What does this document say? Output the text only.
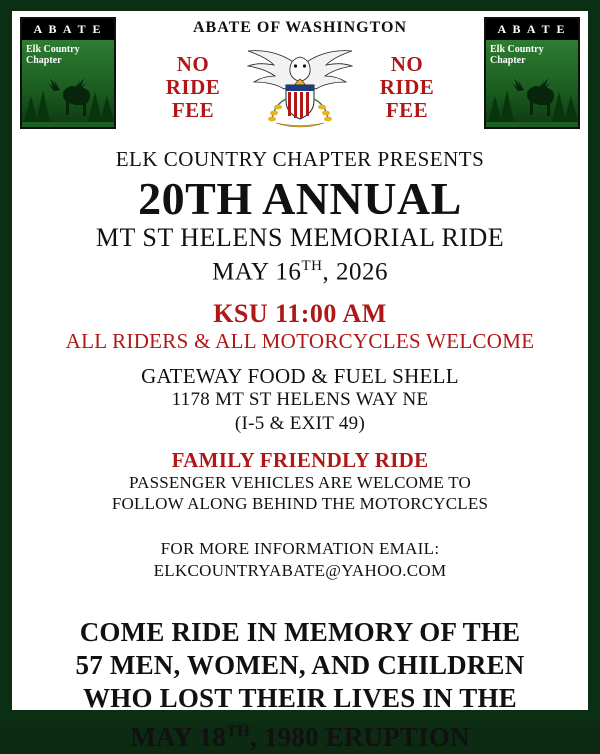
A B A T E
Elk Country
Chapter
ABATE OF WASHINGTON
NO
RIDE
FEE
NO
RIDE
FEE
A B A T E
Elk Country
Chapter
ELK COUNTRY CHAPTER PRESENTS
20TH ANNUAL
MT ST HELENS MEMORIAL RIDE
MAY 16TH, 2026
KSU 11:00 AM
ALL RIDERS & ALL MOTORCYCLES WELCOME
GATEWAY FOOD & FUEL SHELL
1178 MT ST HELENS WAY NE
(I-5 & EXIT 49)
FAMILY FRIENDLY RIDE
PASSENGER VEHICLES ARE WELCOME TO
FOLLOW ALONG BEHIND THE MOTORCYCLES
FOR MORE INFORMATION EMAIL:
ELKCOUNTRYABATE@YAHOO.COM
COME RIDE IN MEMORY OF THE
57 MEN, WOMEN, AND CHILDREN
WHO LOST THEIR LIVES IN THE
MAY 18TH, 1980 ERUPTION
